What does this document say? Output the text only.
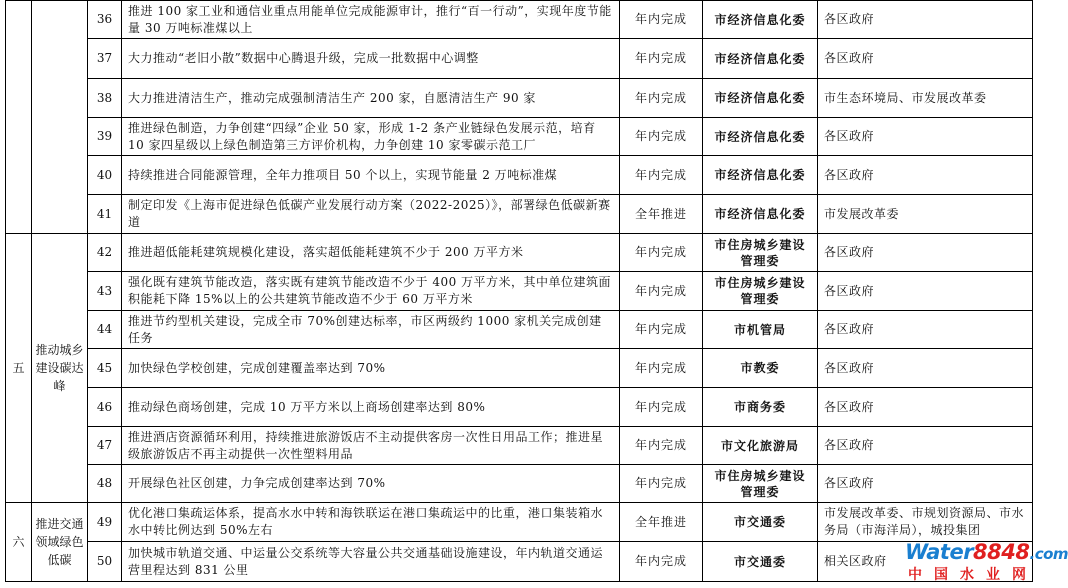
		36	推进 100 家工业和通信业重点用能单位完成能源审计，推行“百一行动”，实现年度节能量 30 万吨标准煤以上	年内完成	市经济信息化委	各区政府
		37	大力推动“老旧小散”数据中心腾退升级，完成一批数据中心调整	年内完成	市经济信息化委	各区政府
		38	大力推进清洁生产，推动完成强制清洁生产 200 家，自愿清洁生产 90 家	年内完成	市经济信息化委	市生态环境局、市发展改革委
		39	推进绿色制造，力争创建“四绿”企业 50 家，形成 1-2 条产业链绿色发展示范，培育 10 家四星级以上绿色制造第三方评价机构，力争创建 10 家零碳示范工厂	年内完成	市经济信息化委	各区政府
		40	持续推进合同能源管理，全年力推项目 50 个以上，实现节能量 2 万吨标准煤	年内完成	市经济信息化委	各区政府
		41	制定印发《上海市促进绿色低碳产业发展行动方案（2022-2025）》，部署绿色低碳新赛道	全年推进	市经济信息化委	市发展改革委
五	推动城乡建设碳达峰	42	推进超低能耗建筑规模化建设，落实超低能耗建筑不少于 200 万平方米	年内完成	市住房城乡建设管理委	各区政府
		43	强化既有建筑节能改造，落实既有建筑节能改造不少于 400 万平方米，其中单位建筑面积能耗下降 15%以上的公共建筑节能改造不少于 60 万平方米	年内完成	市住房城乡建设管理委	各区政府
		44	推进节约型机关建设，完成全市 70%创建达标率，市区两级约 1000 家机关完成创建任务	年内完成	市机管局	各区政府
		45	加快绿色学校创建，完成创建覆盖率达到 70%	年内完成	市教委	各区政府
		46	推动绿色商场创建，完成 10 万平方米以上商场创建率达到 80%	年内完成	市商务委	各区政府
		47	推进酒店资源循环利用，持续推进旅游饭店不主动提供客房一次性日用品工作；推进星级旅游饭店不再主动提供一次性塑料用品	年内完成	市文化旅游局	各区政府
		48	开展绿色社区创建，力争完成创建率达到 70%	年内完成	市住房城乡建设管理委	各区政府
六	推进交通领域绿色低碳	49	优化港口集疏运体系，提高水水中转和海铁联运在港口集疏运中的比重，港口集装箱水水中转比例达到 50%左右	全年推进	市交通委	市发展改革委、市规划资源局、市水务局（市海洋局），城投集团
		50	加快城市轨道交通、中运量公交系统等大容量公共交通基础设施建设，年内轨道交通运营里程达到 831 公里	年内完成	市交通委	相关区政府 Water8848.com
中国水业网
